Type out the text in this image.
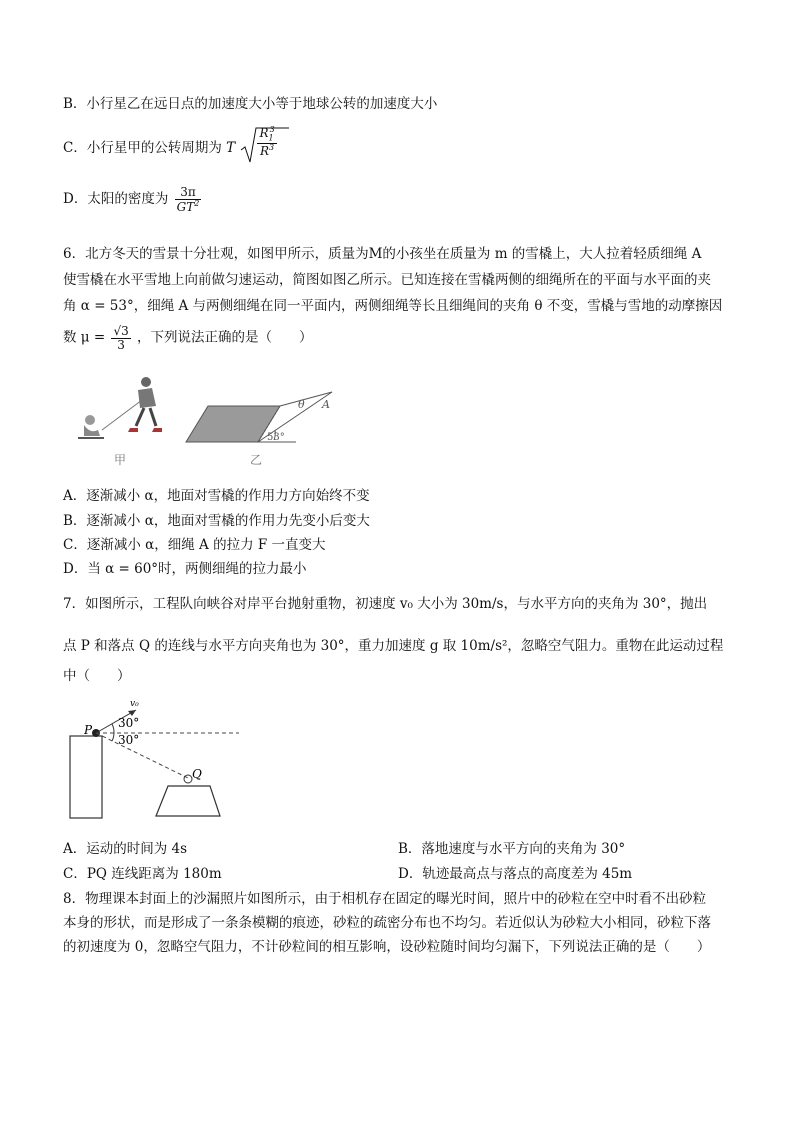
B．小行星乙在远日点的加速度大小等于地球公转的加速度大小
C．小行星甲的公转周期为 T $\frac{R_1^3}{R^3}$
D．太阳的密度为 $\frac{3\pi}{GT^2}$
6．北方冬天的雪景十分壮观，如图甲所示，质量为M的小孩坐在质量为 m 的雪橇上，大人拉着轻质细绳 A
使雪橇在水平雪地上向前做匀速运动，简图如图乙所示。已知连接在雪橇两侧的细绳所在的平面与水平面的夹
角 α = 53°，细绳 A 与两侧细绳在同一平面内，两侧细绳等长且细绳间的夹角 θ 不变，雪橇与雪地的动摩擦因
数 $\mu = \frac{√3}{3}$ ，下列说法正确的是（　　）
甲
θ A
53°
乙
A．逐渐减小 α，地面对雪橇的作用力方向始终不变
B．逐渐减小 α，地面对雪橇的作用力先变小后变大
C．逐渐减小 α，细绳 A 的拉力 F 一直变大
D．当 α = 60°时，两侧细绳的拉力最小
7．如图所示，工程队向峡谷对岸平台抛射重物，初速度 v₀ 大小为 30m/s，与水平方向的夹角为 30°，抛出
点 P 和落点 Q 的连线与水平方向夹角也为 30°，重力加速度 g 取 10m/s²，忽略空气阻力。重物在此运动过程
中（　　）
P
Q
v₀
30°
30°
A．运动的时间为 4s	B．落地速度与水平方向的夹角为 30°
C．PQ 连线距离为 180m	D．轨迹最高点与落点的高度差为 45m
8．物理课本封面上的沙漏照片如图所示，由于相机存在固定的曝光时间，照片中的砂粒在空中时看不出砂粒
本身的形状，而是形成了一条条模糊的痕迹，砂粒的疏密分布也不均匀。若近似认为砂粒大小相同，砂粒下落
的初速度为 0，忽略空气阻力，不计砂粒间的相互影响，设砂粒随时间均匀漏下，下列说法正确的是（　　）
